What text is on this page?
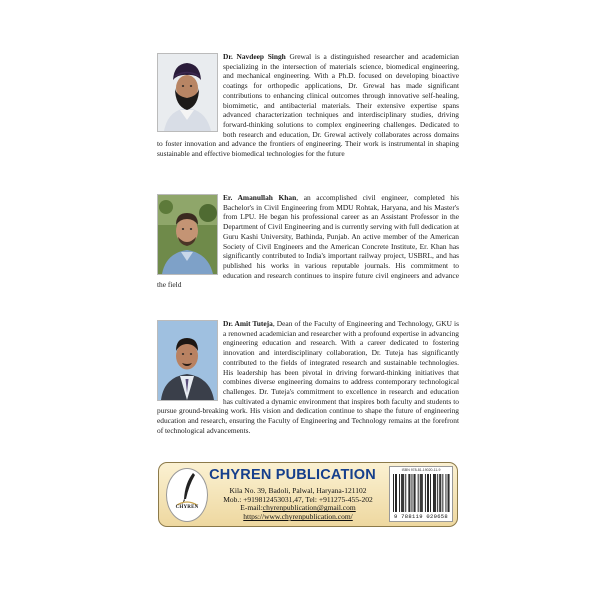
Dr. Navdeep Singh Grewal is a distinguished researcher and academician specializing in the intersection of materials science, biomedical engineering, and mechanical engineering. With a Ph.D. focused on developing bioactive coatings for orthopedic applications, Dr. Grewal has made significant contributions to enhancing clinical outcomes through innovative self-healing, biomimetic, and antibacterial materials. Their extensive expertise spans advanced characterization techniques and interdisciplinary studies, driving forward-thinking solutions to complex engineering challenges. Dedicated to both research and education, Dr. Grewal actively collaborates across domains to foster innovation and advance the frontiers of engineering. Their work is instrumental in shaping sustainable and effective biomedical technologies for the future
Er. Amanullah Khan, an accomplished civil engineer, completed his Bachelor's in Civil Engineering from MDU Rohtak, Haryana, and his Master's from LPU. He began his professional career as an Assistant Professor in the Department of Civil Engineering and is currently serving with full dedication at Guru Kashi University, Bathinda, Punjab. An active member of the American Society of Civil Engineers and the American Concrete Institute, Er. Khan has significantly contributed to India's important railway project, USBRL, and has published his works in various reputable journals. His commitment to education and research continues to inspire future civil engineers and advance the field
Dr. Amit Tuteja, Dean of the Faculty of Engineering and Technology, GKU is a renowned academician and researcher with a profound expertise in advancing engineering education and research. With a career dedicated to fostering innovation and interdisciplinary collaboration, Dr. Tuteja has significantly contributed to the fields of integrated research and sustainable technologies. His leadership has been pivotal in driving forward-thinking initiatives that combines diverse engineering domains to address contemporary technological challenges. Dr. Tuteja's commitment to excellence in research and education has cultivated a dynamic environment that inspires both faculty and students to pursue ground-breaking work. His vision and dedication continue to shape the future of engineering education and research, ensuring the Faculty of Engineering and Technology remains at the forefront of technological advancements.
CHYREN
CHYREN PUBLICATION
Kila No. 39, Badoli, Palwal, Haryana-121102
Mob.: +919812453031,47, Tel: +911275-455-202
E-mail:chyrenpublication@gmail.com
https://www.chyrenpublication.com/
ISBN 978-81-19020-11-9
9 788119 020658
